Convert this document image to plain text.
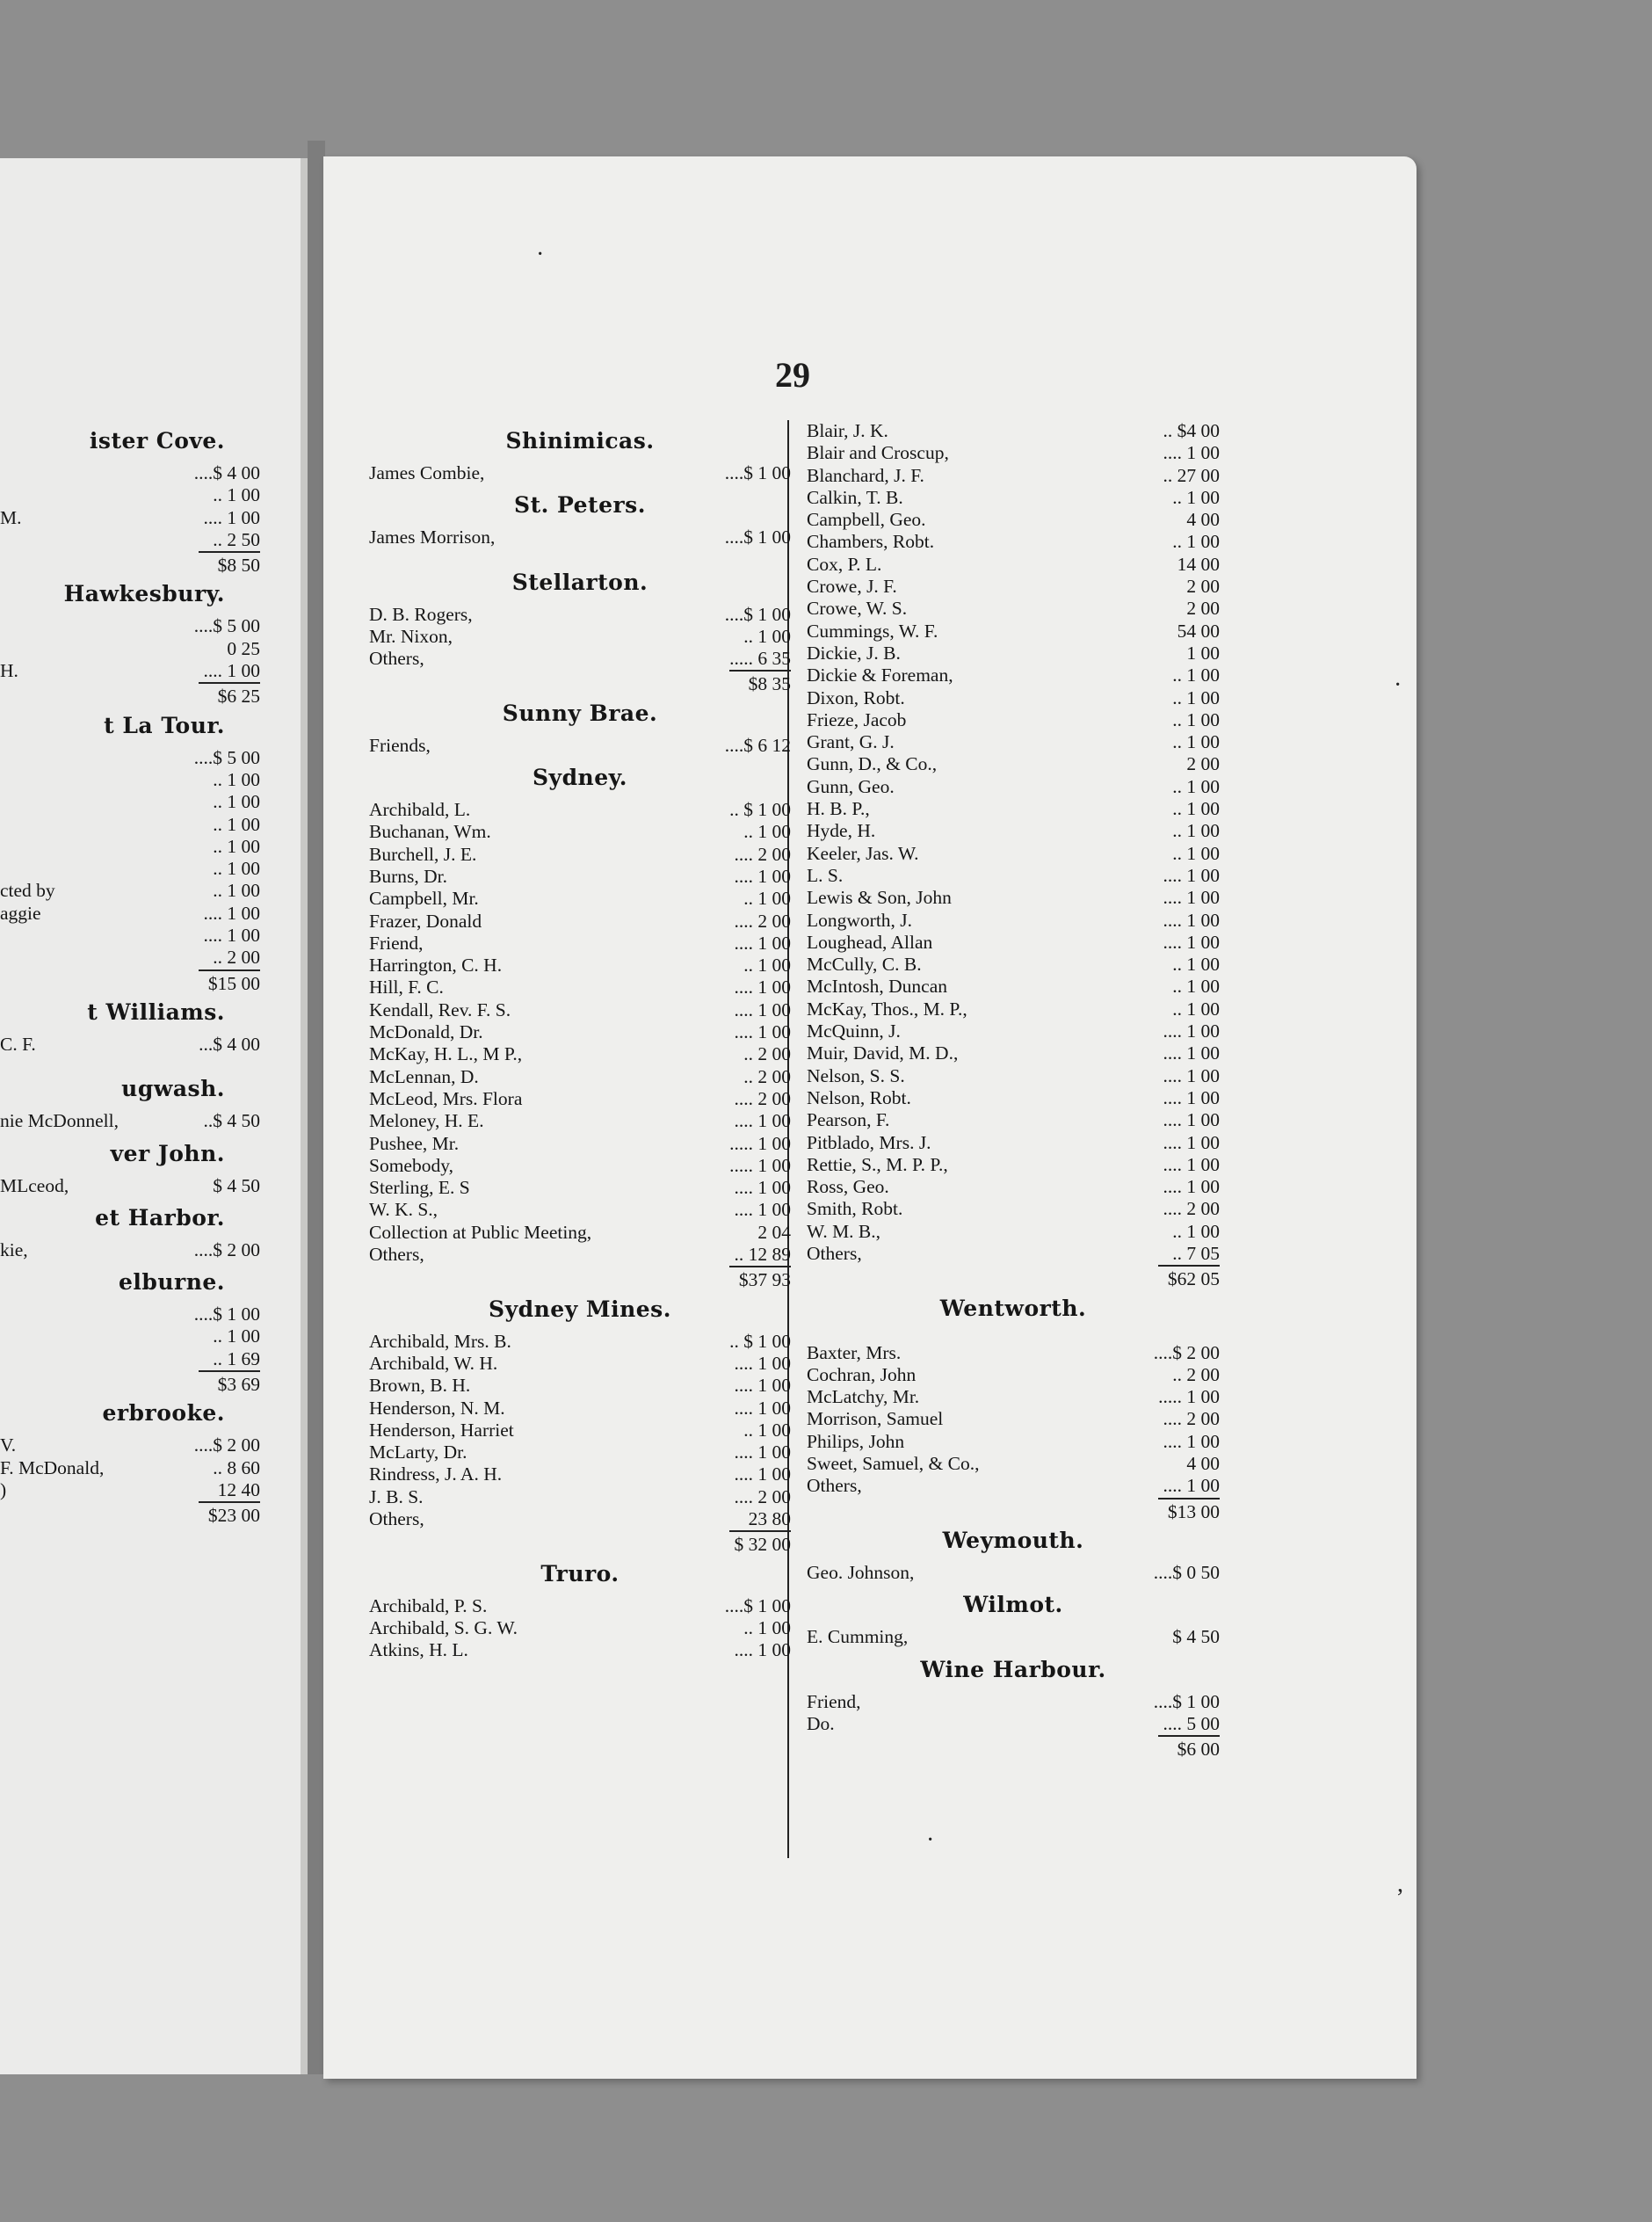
·
·
·
,
29
ister Cove.
....$ 4 00
.. 1 00
M.	.... 1 00
.. 2 50
$8 50
Hawkesbury.
....$ 5 00
0 25
H.	.... 1 00
$6 25
t La Tour.
....$ 5 00
.. 1 00
.. 1 00
.. 1 00
.. 1 00
.. 1 00
cted by	.. 1 00
aggie	.... 1 00
.... 1 00
.. 2 00
$15 00
t Williams.
C. F.	...$ 4 00
ugwash.
nie McDonnell,	..$ 4 50
ver John.
MLceod,	$ 4 50
et Harbor.
kie,	....$ 2 00
elburne.
....$ 1 00
.. 1 00
.. 1 69
$3 69
erbrooke.
V.	....$ 2 00
F. McDonald,	.. 8 60
)	12 40
$23 00
Shinimicas.
James Combie,	....$ 1 00
St. Peters.
James Morrison,	....$ 1 00
Stellarton.
D. B. Rogers,	....$ 1 00
Mr. Nixon,	.. 1 00
Others,	..... 6 35
$8 35
Sunny Brae.
Friends,	....$ 6 12
Sydney.
Archibald, L.	.. $ 1 00
Buchanan, Wm.	.. 1 00
Burchell, J. E.	.... 2 00
Burns, Dr.	.... 1 00
Campbell, Mr.	.. 1 00
Frazer, Donald	.... 2 00
Friend,	.... 1 00
Harrington, C. H.	.. 1 00
Hill, F. C.	.... 1 00
Kendall, Rev. F. S.	.... 1 00
McDonald, Dr.	.... 1 00
McKay, H. L., M P.,	.. 2 00
McLennan, D.	.. 2 00
McLeod, Mrs. Flora	.... 2 00
Meloney, H. E.	.... 1 00
Pushee, Mr.	..... 1 00
Somebody,	..... 1 00
Sterling, E. S	.... 1 00
W. K. S.,	.... 1 00
Collection at Public Meeting,	2 04
Others,	.. 12 89
$37 93
Sydney Mines.
Archibald, Mrs. B.	.. $ 1 00
Archibald, W. H.	.... 1 00
Brown, B. H.	.... 1 00
Henderson, N. M.	.... 1 00
Henderson, Harriet	.. 1 00
McLarty, Dr.	.... 1 00
Rindress, J. A. H.	.... 1 00
J. B. S.	.... 2 00
Others,	23 80
$ 32 00
Truro.
Archibald, P. S.	....$ 1 00
Archibald, S. G. W.	.. 1 00
Atkins, H. L.	.... 1 00
Blair, J. K.	.. $4 00
Blair and Croscup,	.... 1 00
Blanchard, J. F.	.. 27 00
Calkin, T. B.	.. 1 00
Campbell, Geo.	4 00
Chambers, Robt.	.. 1 00
Cox, P. L.	14 00
Crowe, J. F.	2 00
Crowe, W. S.	2 00
Cummings, W. F.	54 00
Dickie, J. B.	1 00
Dickie & Foreman,	.. 1 00
Dixon, Robt.	.. 1 00
Frieze, Jacob	.. 1 00
Grant, G. J.	.. 1 00
Gunn, D., & Co.,	2 00
Gunn, Geo.	.. 1 00
H. B. P.,	.. 1 00
Hyde, H.	.. 1 00
Keeler, Jas. W.	.. 1 00
L. S.	.... 1 00
Lewis & Son, John	.... 1 00
Longworth, J.	.... 1 00
Loughead, Allan	.... 1 00
McCully, C. B.	.. 1 00
McIntosh, Duncan	.. 1 00
McKay, Thos., M. P.,	.. 1 00
McQuinn, J.	.... 1 00
Muir, David, M. D.,	.... 1 00
Nelson, S. S.	.... 1 00
Nelson, Robt.	.... 1 00
Pearson, F.	.... 1 00
Pitblado, Mrs. J.	.... 1 00
Rettie, S., M. P. P.,	.... 1 00
Ross, Geo.	.... 1 00
Smith, Robt.	.... 2 00
W. M. B.,	.. 1 00
Others,	.. 7 05
$62 05
Wentworth.
Baxter, Mrs.	....$ 2 00
Cochran, John	.. 2 00
McLatchy, Mr.	..... 1 00
Morrison, Samuel	.... 2 00
Philips, John	.... 1 00
Sweet, Samuel, & Co.,	4 00
Others,	.... 1 00
$13 00
Weymouth.
Geo. Johnson,	....$ 0 50
Wilmot.
E. Cumming,	$ 4 50
Wine Harbour.
Friend,	....$ 1 00
Do.	.... 5 00
$6 00
